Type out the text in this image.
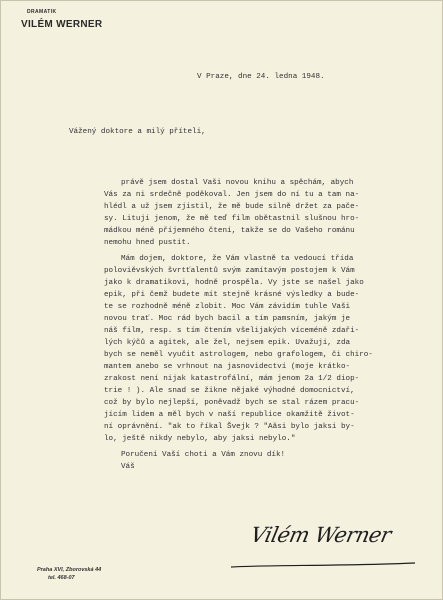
DRAMATIK
VILÉM WERNER
V Praze, dne 24. ledna 1948.
Vážený doktore a milý příteli,
právě jsem dostal Vaši novou knihu a spěchám, abych
Vás za ni srdečně poděkoval. Jen jsem do ní tu a tam na-
hlédl a už jsem zjistil, že mě bude silně držet za pače-
sy. Lituji jenom, že mě teď film obětastnil slušnou hro-
mádkou méně příjemného čtení, takže se do Vašeho románu
nemohu hned pustit.
Mám dojem, doktore, že Vám vlastně ta vedoucí třída
poloviěvských švrtťalentů svým zamítavým postojem k Vám
jako k dramatikovi, hodně prospěla. Vy jste se našel jako
epik, při čemž budete mít stejně krásné výsledky a bude-
te se rozhodně méně zlobit. Moc Vám závidím tuhle Vaši
novou trať. Moc rád bych bacil a tím pamsním, jakým je
náš film, resp. s tím čtením všelijakých víceméně zdaři-
lých kýčů a agitek, ale žel, nejsem epik. Uvažuji, zda
bych se neměl vyučit astrologem, nebo grafologem, či chiro-
mantem anebo se vrhnout na jasnovidectví (moje krátko-
zrakost není nijak katastrofální, mám jenom 2a 1/2 diop-
trie ! ). Ale snad se žikne nějaké výhodné domocnictví,
což by bylo nejlepší, poněvadž bych se stal rázem pracu-
jícím lidem a měl bych v naší republice okamžitě život-
ní oprávnění. "ak to říkal Švejk ? "Aăsi bylo jaksi by-
lo, ještě nikdy nebylo, aby jaksi nebylo."
Poručení Vaší choti a Vám znovu dík!
Váš
Vilém Werner
Praha XVI, Zborovská 44
tel. 468-07
